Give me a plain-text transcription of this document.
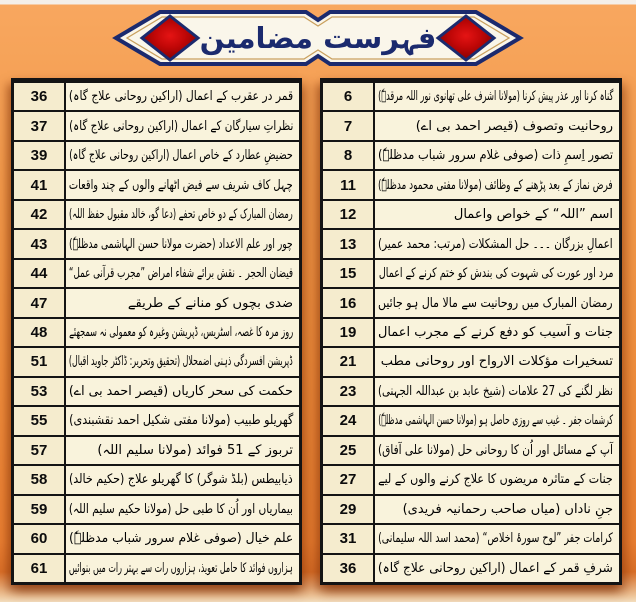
فہرست مضامین
36	قمر در عقرب کے اعمال (اراکین روحانی علاج گاہ)
37	نظراتِ سیارگان کے اعمال (اراکین روحانی علاج گاہ)
39	حضیضِ عطارد کے خاص اعمال (اراکین روحانی علاج گاہ)
41	چہل کاف شریف سے فیض اٹھانے والوں کے چند واقعات
42	رمضان المبارک کے دو خاص تحفے (دعا گو، خالد مقبول حفظ اللہ)
43	چور اور علم الاعداد (حضرت مولانا حسن الہاشمی مدظلہٗ)
44	فیضان الحجر ۔ نقش برائے شفاء امراض ”مجرب قرآنی عمل“
47	ضدی بچوں کو منانے کے طریقے
48	روز مرہ کا غصہ، اسٹریس، ڈپریشن وغیرہ کو معمولی نہ سمجھئے
51	ڈپریشن افسردگی ذہنی اضمحلال (تحقیق وتحریر: ڈاکٹر جاوید اقبال)
53	حکمت کی سحر کاریاں (قیصر احمد بی اے)
55	گھریلو طبیب (مولانا مفتی شکیل احمد نقشبندی)
57	تربوز کے 51 فوائد (مولانا سلیم اللہ)
58	ذیابیطس (بلڈ شوگر) کا گھریلو علاج (حکیم خالد)
59	بیماریاں اور اُن کا طبی حل (مولانا حکیم سلیم اللہ)
60	علم خیال (صوفی غلام سرور شباب مدظلہٗ)
61	ہزاروں فوائد کا حامل تعویذ، ہزاروں رات سے بہتر رات میں بنوائیں
6	گناہ کرنا اور عذر پیش کرنا (مولانا اشرف علی تھانوی نور اللہ مرقدہٗ)
7	روحانیت وتصوف (قیصر احمد بی اے)
8	تصور اِسمِ ذات (صوفی غلام سرور شباب مدظلہٗ)
11	فرض نماز کے بعد پڑھنے کے وظائف (مولانا مفتی محمود مدظلہٗ)
12	اسم ”اللہ“ کے خواص واعمال
13	اعمالِ بزرگان ۔۔۔ حل المشکلات (مرتب: محمد عمیر)
15	مرد اور عورت کی شہوت کی بندش کو ختم کرنے کے اعمال
16	رمضان المبارک میں روحانیت سے مالا مال ہو جائیں
19	جنات و آسیب کو دفع کرنے کے مجرب اعمال
21	تسخیرات مؤکلات الارواح اور روحانی مطب
23	نظر لگنے کی 27 علامات (شیخ عابد بن عبداللہ الجہنی)
24	کرشمات جفر ۔ غیب سے روزی حاصل ہو (مولانا حسن الہاشمی مدظلہٗ)
25	آپ کے مسائل اور اُن کا روحانی حل (مولانا علی آفاق)
27	جنات کے متاثرہ مریضوں کا علاج کرنے والوں کے لیے
29	جنِ ناداں (میاں صاحب رحمانیہ فریدی)
31	کرامات جفر ”لوح سورۂ اخلاص“ (محمد اسد اللہ سلیمانی)
36	شرفِ قمر کے اعمال (اراکین روحانی علاج گاہ)
